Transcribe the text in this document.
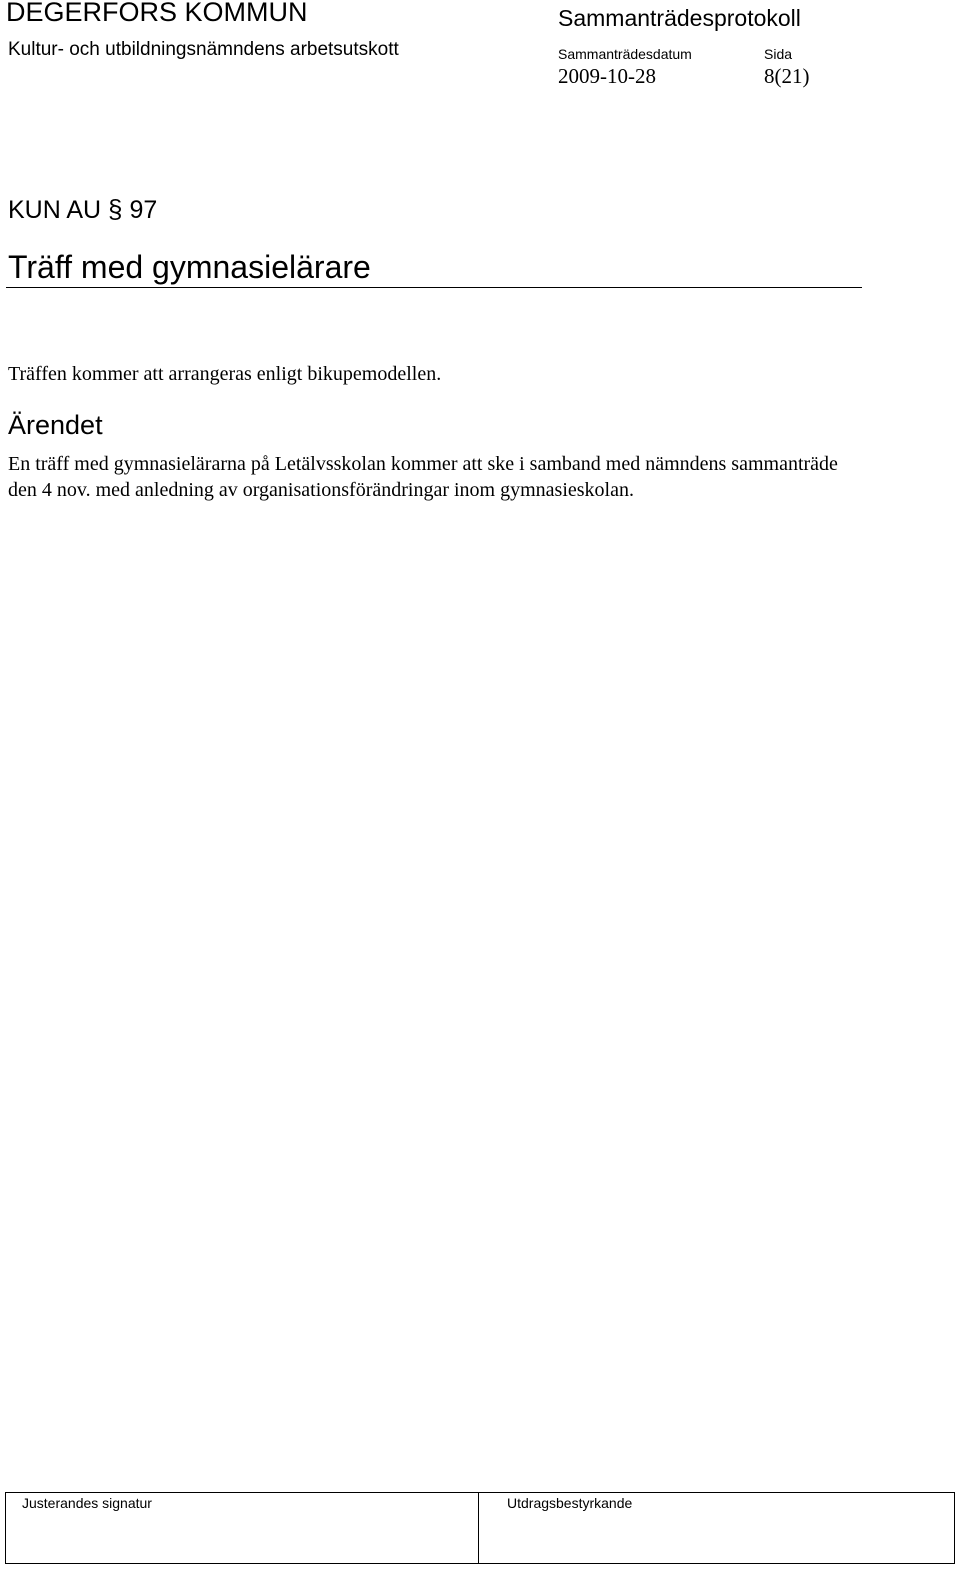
DEGERFORS KOMMUN
Kultur- och utbildningsnämndens arbetsutskott
Sammanträdesprotokoll
Sammanträdesdatum	Sida
2009-10-28	8(21)
KUN AU § 97
Träff med gymnasielärare
Träffen kommer att arrangeras enligt bikupemodellen.
Ärendet
En träff med gymnasielärarna på Letälvsskolan kommer att ske i samband med nämndens sammanträde den 4 nov. med anledning av organisationsförändringar inom gymnasieskolan.
Justerandes signatur	Utdragsbestyrkande
